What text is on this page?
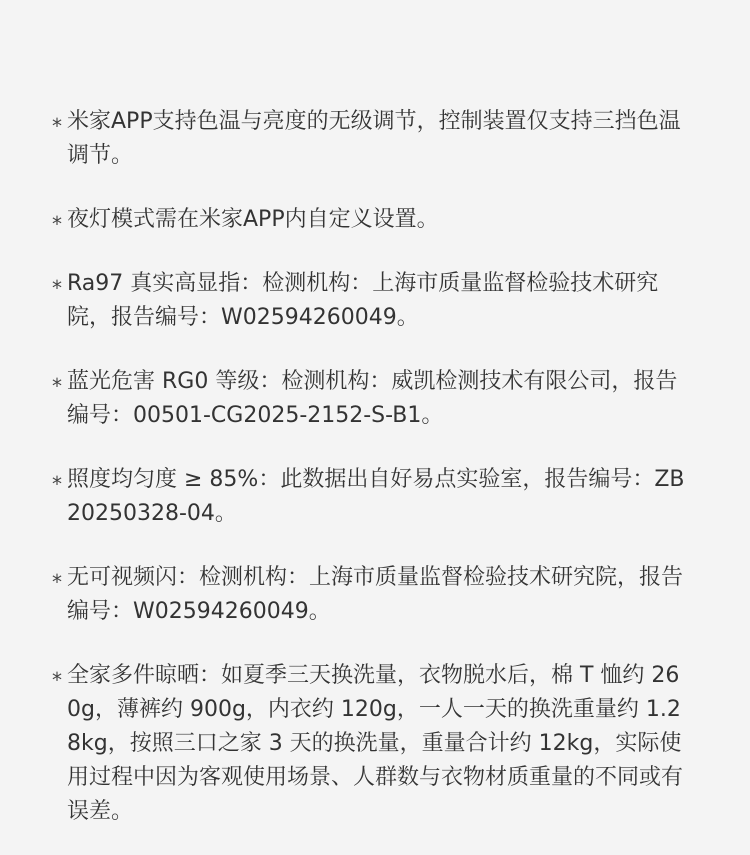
* 米家APP支持色温与亮度的无级调节，控制装置仅支持三挡色温调节。
* 夜灯模式需在米家APP内自定义设置。
* Ra97 真实高显指：检测机构：上海市质量监督检验技术研究院，报告编号：W02594260049。
* 蓝光危害 RG0 等级：检测机构：威凯检测技术有限公司，报告编号：00501-CG2025-2152-S-B1。
* 照度均匀度 ≥ 85%：此数据出自好易点实验室，报告编号：ZB20250328-04。
* 无可视频闪：检测机构：上海市质量监督检验技术研究院，报告编号：W02594260049。
* 全家多件晾晒：如夏季三天换洗量，衣物脱水后，棉 T 恤约 260g，薄裤约 900g，内衣约 120g，一人一天的换洗重量约 1.28kg，按照三口之家 3 天的换洗量，重量合计约 12kg，实际使用过程中因为客观使用场景、人群数与衣物材质重量的不同或有误差。
